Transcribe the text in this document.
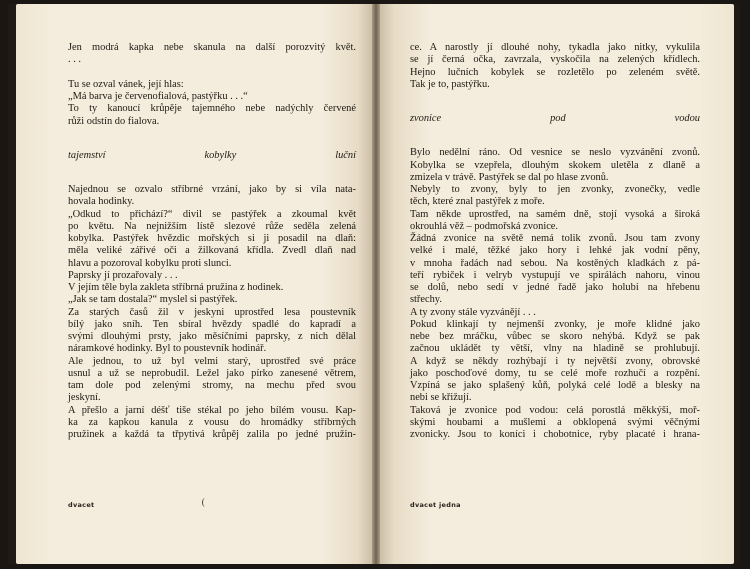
Jen modrá kapka nebe skanula na další porozvitý květ.

. . .

Tu se ozval vánek, její hlas:

„Má barva je červenofialová, pastýřku . . .“

To ty kanoucí krůpěje tajemného nebe nadýchly červené

růži odstín do fialova.

tajemství kobylky luční

Najednou se ozvalo stříbrné vrzání, jako by si víla nata-

hovala hodinky.

„Odkud to přichází?“ divil se pastýřek a zkoumal květ

po květu. Na nejnižším lístě slezové růže seděla zelená

kobylka. Pastýřek hvězdic mořských si ji posadil na dlaň:

měla veliké zářivé oči a žilkovaná křídla. Zvedl dlaň nad

hlavu a pozoroval kobylku proti slunci.

Paprsky jí prozařovaly . . .

V jejím těle byla zakleta stříbrná pružina z hodinek.

„Jak se tam dostala?“ myslel si pastýřek.

Za starých časů žil v jeskyni uprostřed lesa poustevník

bílý jako sníh. Ten sbíral hvězdy spadlé do kapradí a

svými dlouhými prsty, jako měsíčními paprsky, z nich dělal

náramkové hodinky. Byl to poustevník hodinář.

Ale jednou, to už byl velmi starý, uprostřed své práce

usnul a už se neprobudil. Ležel jako pírko zanesené větrem,

tam dole pod zelenými stromy, na mechu před svou

jeskyní.

A přešlo a jarní déšť tiše stékal po jeho bílém vousu. Kap-

ka za kapkou kanula z vousu do hromádky stříbrných

pružinek a každá ta třpytivá krůpěj zalila po jedné pružin-

dvacet

ce. A narostly jí dlouhé nohy, tykadla jako nitky, vykulila

se jí černá očka, zavrzala, vyskočila na zelených křídlech.

Hejno lučních kobylek se rozletělo po zeleném světě.

Tak je to, pastýřku.

zvonice pod vodou

Bylo nedělní ráno. Od vesnice se neslo vyzvánění zvonů.

Kobylka se vzepřela, dlouhým skokem uletěla z dlaně a

zmizela v trávě. Pastýřek se dal po hlase zvonů.

Nebyly to zvony, byly to jen zvonky, zvonečky, vedle

těch, které znal pastýřek z moře.

Tam někde uprostřed, na samém dně, stojí vysoká a široká

okrouhlá věž – podmořská zvonice.

Žádná zvonice na světě nemá tolik zvonů. Jsou tam zvony

velké i malé, těžké jako hory i lehké jak vodní pěny,

v mnoha řadách nad sebou. Na kostěných kladkách z pá-

teří rybiček i velryb vystupují ve spirálách nahoru, vinou

se dolů, nebo sedí v jedné řadě jako holubi na hřebenu

střechy.

A ty zvony stále vyzvánějí . . .

Pokud klinkají ty nejmenší zvonky, je moře klidné jako

nebe bez mráčku, vůbec se skoro nehýbá. Když se pak

začnou ukládět ty větší, vlny na hladině se prohlubují.

A když se někdy rozhýbají i ty největší zvony, obrovské

jako poschoďové domy, tu se celé moře rozhučí a rozpění.

Vzpíná se jako splašený kůň, polyká celé lodě a blesky na

nebi se křižují.

Taková je zvonice pod vodou: celá porostlá měkkýši, moř-

skými houbami a mušlemi a obklopená svými věčnými

zvonicky. Jsou to koníci i chobotnice, ryby placaté i hrana-

dvacet jedna
